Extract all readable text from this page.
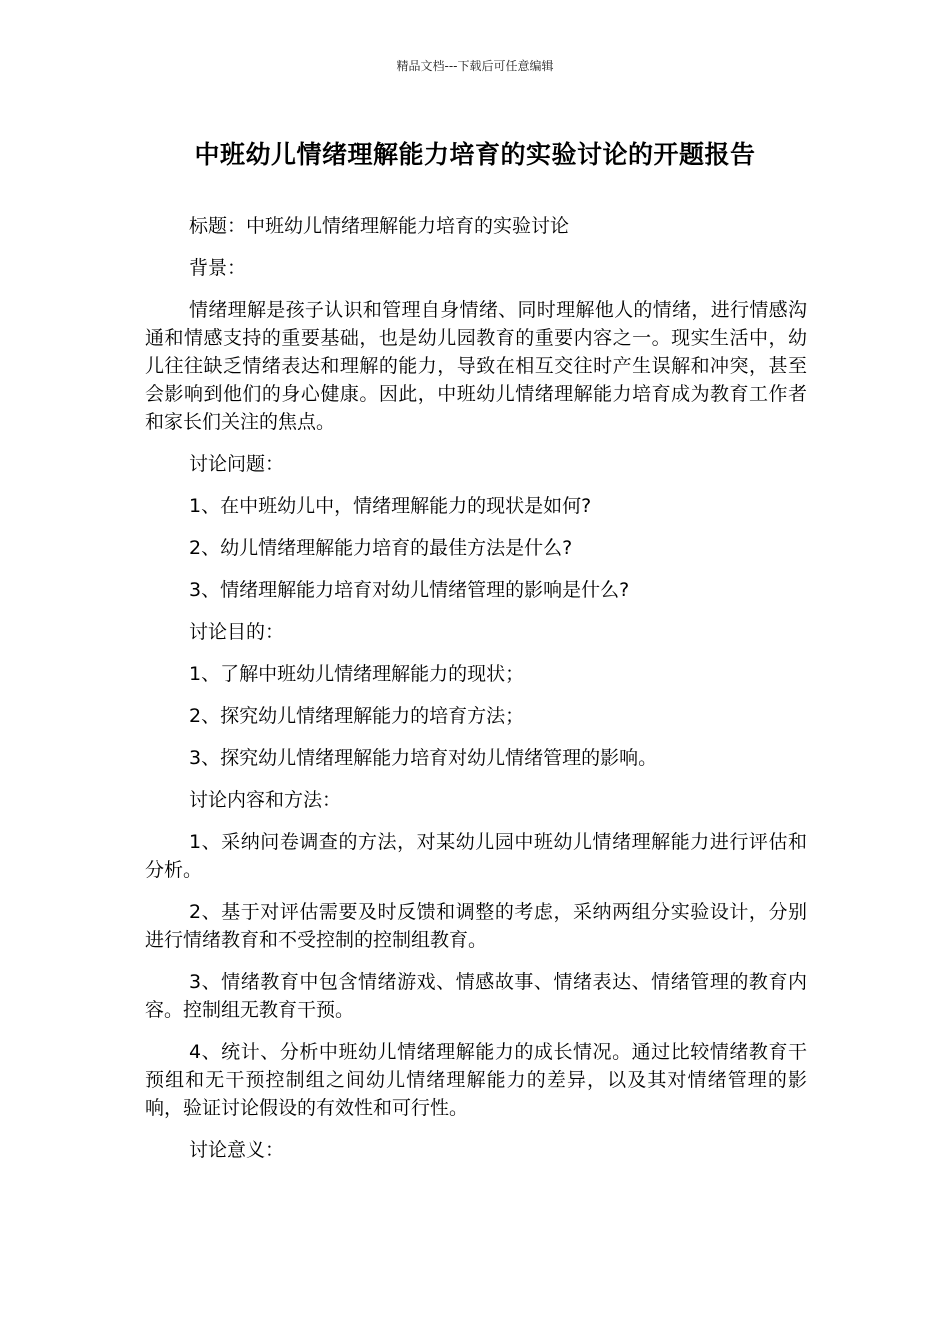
精品文档---下载后可任意编辑
中班幼儿情绪理解能力培育的实验讨论的开题报告

标题：中班幼儿情绪理解能力培育的实验讨论

背景：

情绪理解是孩子认识和管理自身情绪、同时理解他人的情绪，进行情感沟通和情感支持的重要基础，也是幼儿园教育的重要内容之一。现实生活中，幼儿往往缺乏情绪表达和理解的能力，导致在相互交往时产生误解和冲突，甚至会影响到他们的身心健康。因此，中班幼儿情绪理解能力培育成为教育工作者和家长们关注的焦点。

讨论问题：

1、在中班幼儿中，情绪理解能力的现状是如何?

2、幼儿情绪理解能力培育的最佳方法是什么?

3、情绪理解能力培育对幼儿情绪管理的影响是什么?

讨论目的：

1、了解中班幼儿情绪理解能力的现状；

2、探究幼儿情绪理解能力的培育方法；

3、探究幼儿情绪理解能力培育对幼儿情绪管理的影响。

讨论内容和方法：

1、采纳问卷调查的方法，对某幼儿园中班幼儿情绪理解能力进行评估和分析。

2、基于对评估需要及时反馈和调整的考虑，采纳两组分实验设计，分别进行情绪教育和不受控制的控制组教育。

3、情绪教育中包含情绪游戏、情感故事、情绪表达、情绪管理的教育内容。控制组无教育干预。

4、统计、分析中班幼儿情绪理解能力的成长情况。通过比较情绪教育干预组和无干预控制组之间幼儿情绪理解能力的差异，以及其对情绪管理的影响，验证讨论假设的有效性和可行性。

讨论意义：
